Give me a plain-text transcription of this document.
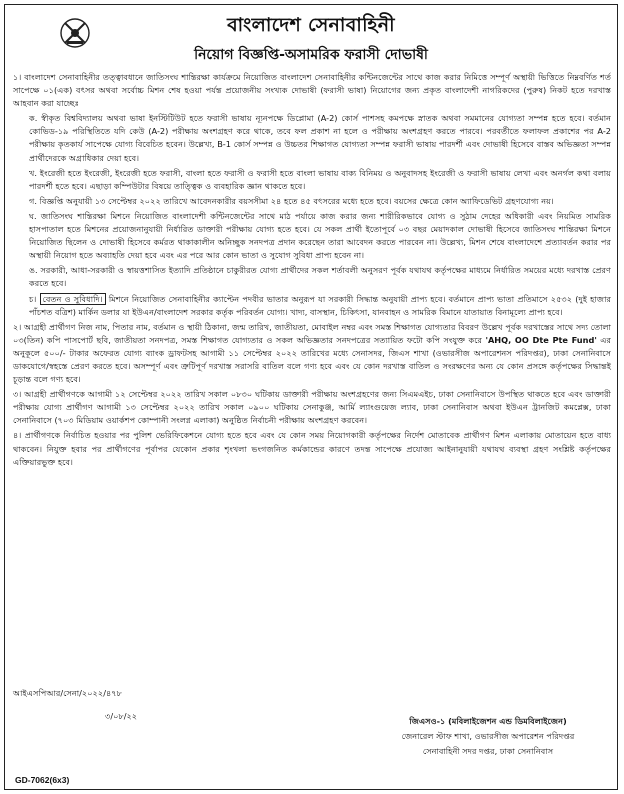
বাংলাদেশ সেনাবাহিনী
নিয়োগ বিজ্ঞপ্তি-অসামরিক ফরাসী দোভাষী

১। বাংলাদেশ সেনাবাহিনীর তত্ত্বাবধানে জাতিসংঘ শান্তিরক্ষা কার্যক্রমে নিয়োজিত বাংলাদেশ সেনাবাহিনীর কন্টিনজেন্টের সাথে কাজ করার নিমিত্তে সম্পূর্ণ অস্থায়ী ভিত্তিতে নিম্নবর্ণিত শর্ত সাপেক্ষে ০১(এক) বৎসর অথবা সর্বোচ্চ মিশন শেষ হওয়া পর্যন্ত প্রয়োজনীয় সংখ্যক দোভাষী (ফরাসী ভাষা) নিয়োগের জন্য প্রকৃত বাংলাদেশী নাগরিকদের (পুরুষ) নিকট হতে দরখাস্ত আহবান করা যাচ্ছেঃ

ক. স্বীকৃত বিশ্ববিদ্যালয় অথবা ভাষা ইনস্টিটিউট হতে ফরাসী ভাষায় ন্যূনপক্ষে ডিপ্লোমা (A-2) কোর্স পাশসহ কমপক্ষে স্নাতক অথবা সমমানের যোগ্যতা সম্পন্ন হতে হবে। বর্তমান কোভিড-১৯ পরিস্থিতিতে যদি কেউ (A-2) পরীক্ষায় অংশগ্রহণ করে থাকে, তবে ফল প্রকাশ না হলে ও পরীক্ষায় অংশগ্রহণ করতে পারবে। পরবর্তীতে ফলাফল প্রকাশের পর A-2 পরীক্ষায় কৃতকার্য সাপেক্ষে যোগ্য বিবেচিত হবেন। উল্লেখ্য, B-1 কোর্স সম্পন্ন ও উচ্চতর শিক্ষাগত যোগ্যতা সম্পন্ন ফরাসী ভাষায় পারদর্শী এবং দোভাষী হিসেবে বাস্তব অভিজ্ঞতা সম্পন্ন প্রার্থীদেরকে অগ্রাধিকার দেয়া হবে।

খ. ইংরেজী হতে ইংরেজী, ইংরেজী হতে ফরাসী, বাংলা হতে ফরাসী ও ফরাসী হতে বাংলা ভাষায় বাক্য বিনিময় ও অনুবাদসহ ইংরেজী ও ফরাসী ভাষায় লেখা এবং অনর্গল কথা বলায় পারদর্শী হতে হবে। এছাড়া কম্পিউটার বিষয়ে তাত্ত্বিক ও ব্যবহারিক জ্ঞান থাকতে হবে।

গ. বিজ্ঞপ্তি অনুযায়ী ১৩ সেপ্টেম্বর ২০২২ তারিখে আবেদনকারীর বয়সসীমা ২৪ হতে ৪৫ বৎসরের মধ্যে হতে হবে। বয়সের ক্ষেত্রে কোন অ্যাফিডেভিট গ্রহণযোগ্য নয়।

ঘ. জাতিসংঘ শান্তিরক্ষা মিশনে নিয়োজিত বাংলাদেশী কন্টিনজেন্টের সাথে মাঠ পর্যায়ে কাজ করার জন্য শারীরিকভাবে যোগ্য ও সুঠাম দেহের অধিকারী এবং নিয়মিত সামরিক হাসপাতাল হতে মিশনের প্রয়োজনানুযায়ী নির্ধারিত ডাক্তারী পরীক্ষায় যোগ্য হতে হবে। যে সকল প্রার্থী ইতোপূর্বে ০৩ বছর মেয়াদকাল দোভাষী হিসেবে জাতিসংঘ শান্তিরক্ষা মিশনে নিয়োজিত ছিলেন ও দোভাষী হিসেবে কর্মরত থাকাকালীন অনিচ্ছুক সনদপত্র প্রদান করেছেন তারা আবেদন করতে পারবেন না। উল্লেখ্য, মিশন শেষে বাংলাদেশে প্রত্যাবর্তন করার পর অস্থায়ী নিয়োগ হতে অব্যাহতি দেয়া হবে এবং এর পরে আর কোন ভাতা ও সুযোগ সুবিধা প্রাপ্য হবেন না।

ঙ. সরকারী, আধা-সরকারী ও স্বায়ত্তশাসিত ইত্যাদি প্রতিষ্ঠানে চাকুরীরত যোগ্য প্রার্থীদের সকল শর্তাবলী অনুসরণ পূর্বক যথাযথ কর্তৃপক্ষের মাধ্যমে নির্ধারিত সময়ের মধ্যে দরখাস্ত প্রেরণ করতে হবে।

চ। বেতন ও সুবিধাদি। মিশনে নিয়োজিত সেনাবাহিনীর ক্যাপ্টেন পদবীর ভাতার অনুরূপ যা সরকারী সিদ্ধান্ত অনুযায়ী প্রাপ্য হবে। বর্তমানে প্রাপ্য ভাতা প্রতিমাসে ২৫৩২ (দুই হাজার পাঁচশত বত্রিশ) মার্কিন ডলার যা ইউএন/বাংলাদেশ সরকার কর্তৃক পরিবর্তন যোগ্য। খাদ্য, বাসস্থান, চিকিৎসা, যানবাহন ও সামরিক বিমানে যাতায়াত বিনামূল্যে প্রাপ্য হবে।

২। আগ্রহী প্রার্থীগণ নিজ নাম, পিতার নাম, বর্তমান ও স্থায়ী ঠিকানা, জন্ম তারিখ, জাতীয়তা, মোবাইল নম্বর এবং সমস্ত শিক্ষাগত যোগ্যতার বিবরণ উল্লেখ পূর্বক দরখাস্তের সাথে সদ্য তোলা ০৩(তিন) কপি পাসপোর্ট ছবি, জাতীয়তা সনদপত্র, সমস্ত শিক্ষাগত যোগ্যতার ও সকল অভিজ্ঞতার সনদপত্রের সত্যায়িত ফটো কপি সংযুক্ত করে 'AHQ, OO Dte Pte Fund' এর অনুকূলে ৫০০/- টাকার অফেরত যোগ্য ব্যাংক ড্রাফটসহ আগামী ১১ সেপ্টেম্বর ২০২২ তারিখের মধ্যে সেনাসদর, জিএস শাখা (ওভারসীজ অপারেশনস পরিদপ্তর), ঢাকা সেনানিবাসে ডাকযোগে/স্বহস্তে প্রেরণ করতে হবে। অসম্পূর্ণ এবং ত্রুটিপূর্ণ দরখাস্ত সরাসরি বাতিল বলে গণ্য হবে এবং যে কোন দরখাস্ত বাতিল ও সংরক্ষণের অন্য যে কোন প্রসঙ্গে কর্তৃপক্ষের সিদ্ধান্তই চূড়ান্ত বলে গণ্য হবে।

৩। আগ্রহী প্রার্থীগণকে আগামী ১২ সেপ্টেম্বর ২০২২ তারিখ সকাল ০৮৩০ ঘটিকায় ডাক্তারী পরীক্ষায় অংশগ্রহণের জন্য সিএমএইচ, ঢাকা সেনানিবাসে উপস্থিত থাকতে হবে এবং ডাক্তারী পরীক্ষায় যোগ্য প্রার্থীগণ আগামী ১৩ সেপ্টেম্বর ২০২২ তারিখ সকাল ০৯০০ ঘটিকায় সেনাকুঞ্জ, আর্মি ল্যাংগুয়েজ ল্যাব, ঢাকা সেনানিবাস অথবা ইউএন ট্রানজিট কমপ্লেক্স, ঢাকা সেনানিবাসে (৭০৩ মিডিয়াম ওয়ার্কশপ কোম্পানী সংলগ্ন এলাকা) অনুষ্ঠিত নির্বাচনী পরীক্ষায় অংশগ্রহণ করবেন।

৪। প্রার্থীগণকে নির্বাচিত হওয়ার পর পুলিশ ভেরিফিকেশনে যোগ্য হতে হবে এবং যে কোন সময় নিয়োগকারী কর্তৃপক্ষের নির্দেশ মোতাবেক প্রার্থীগণ মিশন এলাকায় মোতায়েন হতে বাধ্য থাকবেন। নিযুক্ত হবার পর প্রার্থীগণের পূর্বাপর যেকোন প্রকার শৃংখলা ভংগজনিত কর্মকান্ডের কারণে তদন্ত সাপেক্ষে প্রযোজ্য আইনানুযায়ী যথাযথ ব্যবস্থা গ্রহণ সংশ্লিষ্ট কর্তৃপক্ষের এক্তিয়ারভুক্ত হবে।

আইএসপিআর/সেনা/২০২২/৪৭৮
৩/০৮/২২	জিএসও-১ (মবিলাইজেশন এন্ড ডিমবিলাইজেন)
জেনারেল স্টাফ শাখা, ওভারসীজ অপারেশন পরিদপ্তর
সেনাবাহিনী সদর দপ্তর, ঢাকা সেনানিবাস
GD-7062(6x3)
